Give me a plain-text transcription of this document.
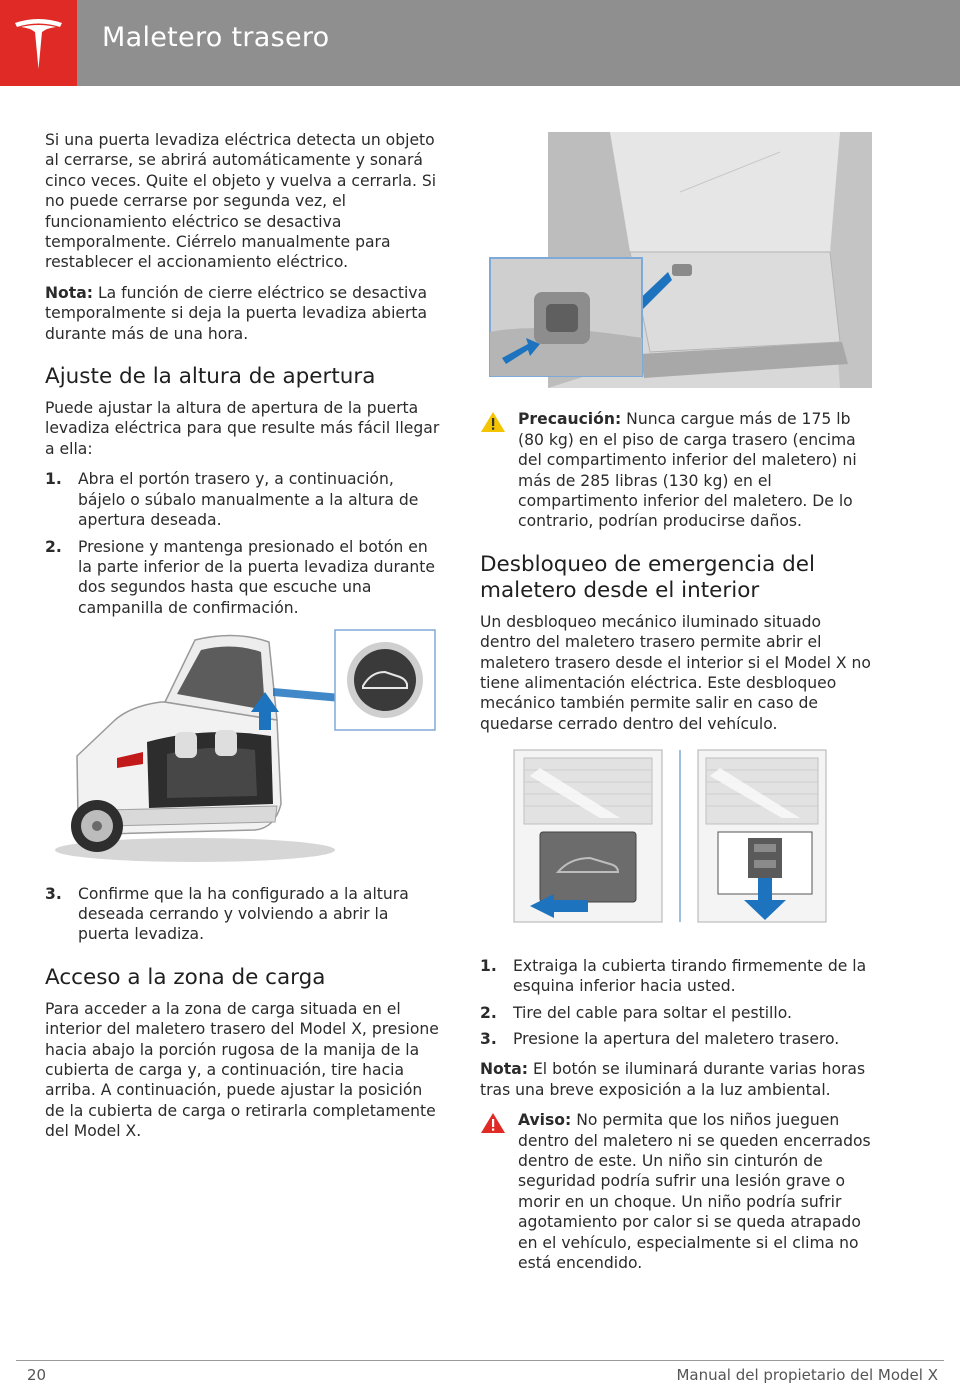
Maletero trasero

Si una puerta levadiza eléctrica detecta un objeto al cerrarse, se abrirá automáticamente y sonará cinco veces. Quite el objeto y vuelva a cerrarla. Si no puede cerrarse por segunda vez, el funcionamiento eléctrico se desactiva temporalmente. Ciérrelo manualmente para restablecer el accionamiento eléctrico.

Nota: La función de cierre eléctrico se desactiva temporalmente si deja la puerta levadiza abierta durante más de una hora.

Ajuste de la altura de apertura

Puede ajustar la altura de apertura de la puerta levadiza eléctrica para que resulte más fácil llegar a ella:

1. Abra el portón trasero y, a continuación, bájelo o súbalo manualmente a la altura de apertura deseada.
2. Presione y mantenga presionado el botón en la parte inferior de la puerta levadiza durante dos segundos hasta que escuche una campanilla de confirmación.
3. Confirme que la ha configurado a la altura deseada cerrando y volviendo a abrir la puerta levadiza.
Acceso a la zona de carga

Para acceder a la zona de carga situada en el interior del maletero trasero del Model X, presione hacia abajo la porción rugosa de la manija de la cubierta de carga y, a continuación, tire hacia arriba. A continuación, puede ajustar la posición de la cubierta de carga o retirarla completamente del Model X.

Precaución: Nunca cargue más de 175 lb (80 kg) en el piso de carga trasero (encima del compartimento inferior del maletero) ni más de 285 libras (130 kg) en el compartimento inferior del maletero. De lo contrario, podrían producirse daños.
Desbloqueo de emergencia del maletero desde el interior

Un desbloqueo mecánico iluminado situado dentro del maletero trasero permite abrir el maletero trasero desde el interior si el Model X no tiene alimentación eléctrica. Este desbloqueo mecánico también permite salir en caso de quedarse cerrado dentro del vehículo.

1. Extraiga la cubierta tirando firmemente de la esquina inferior hacia usted.
2. Tire del cable para soltar el pestillo.
3. Presione la apertura del maletero trasero.

Nota: El botón se iluminará durante varias horas tras una breve exposición a la luz ambiental.

Aviso: No permita que los niños jueguen dentro del maletero ni se queden encerrados dentro de este. Un niño sin cinturón de seguridad podría sufrir una lesión grave o morir en un choque. Un niño podría sufrir agotamiento por calor si se queda atrapado en el vehículo, especialmente si el clima no está encendido.
20	Manual del propietario del Model X
